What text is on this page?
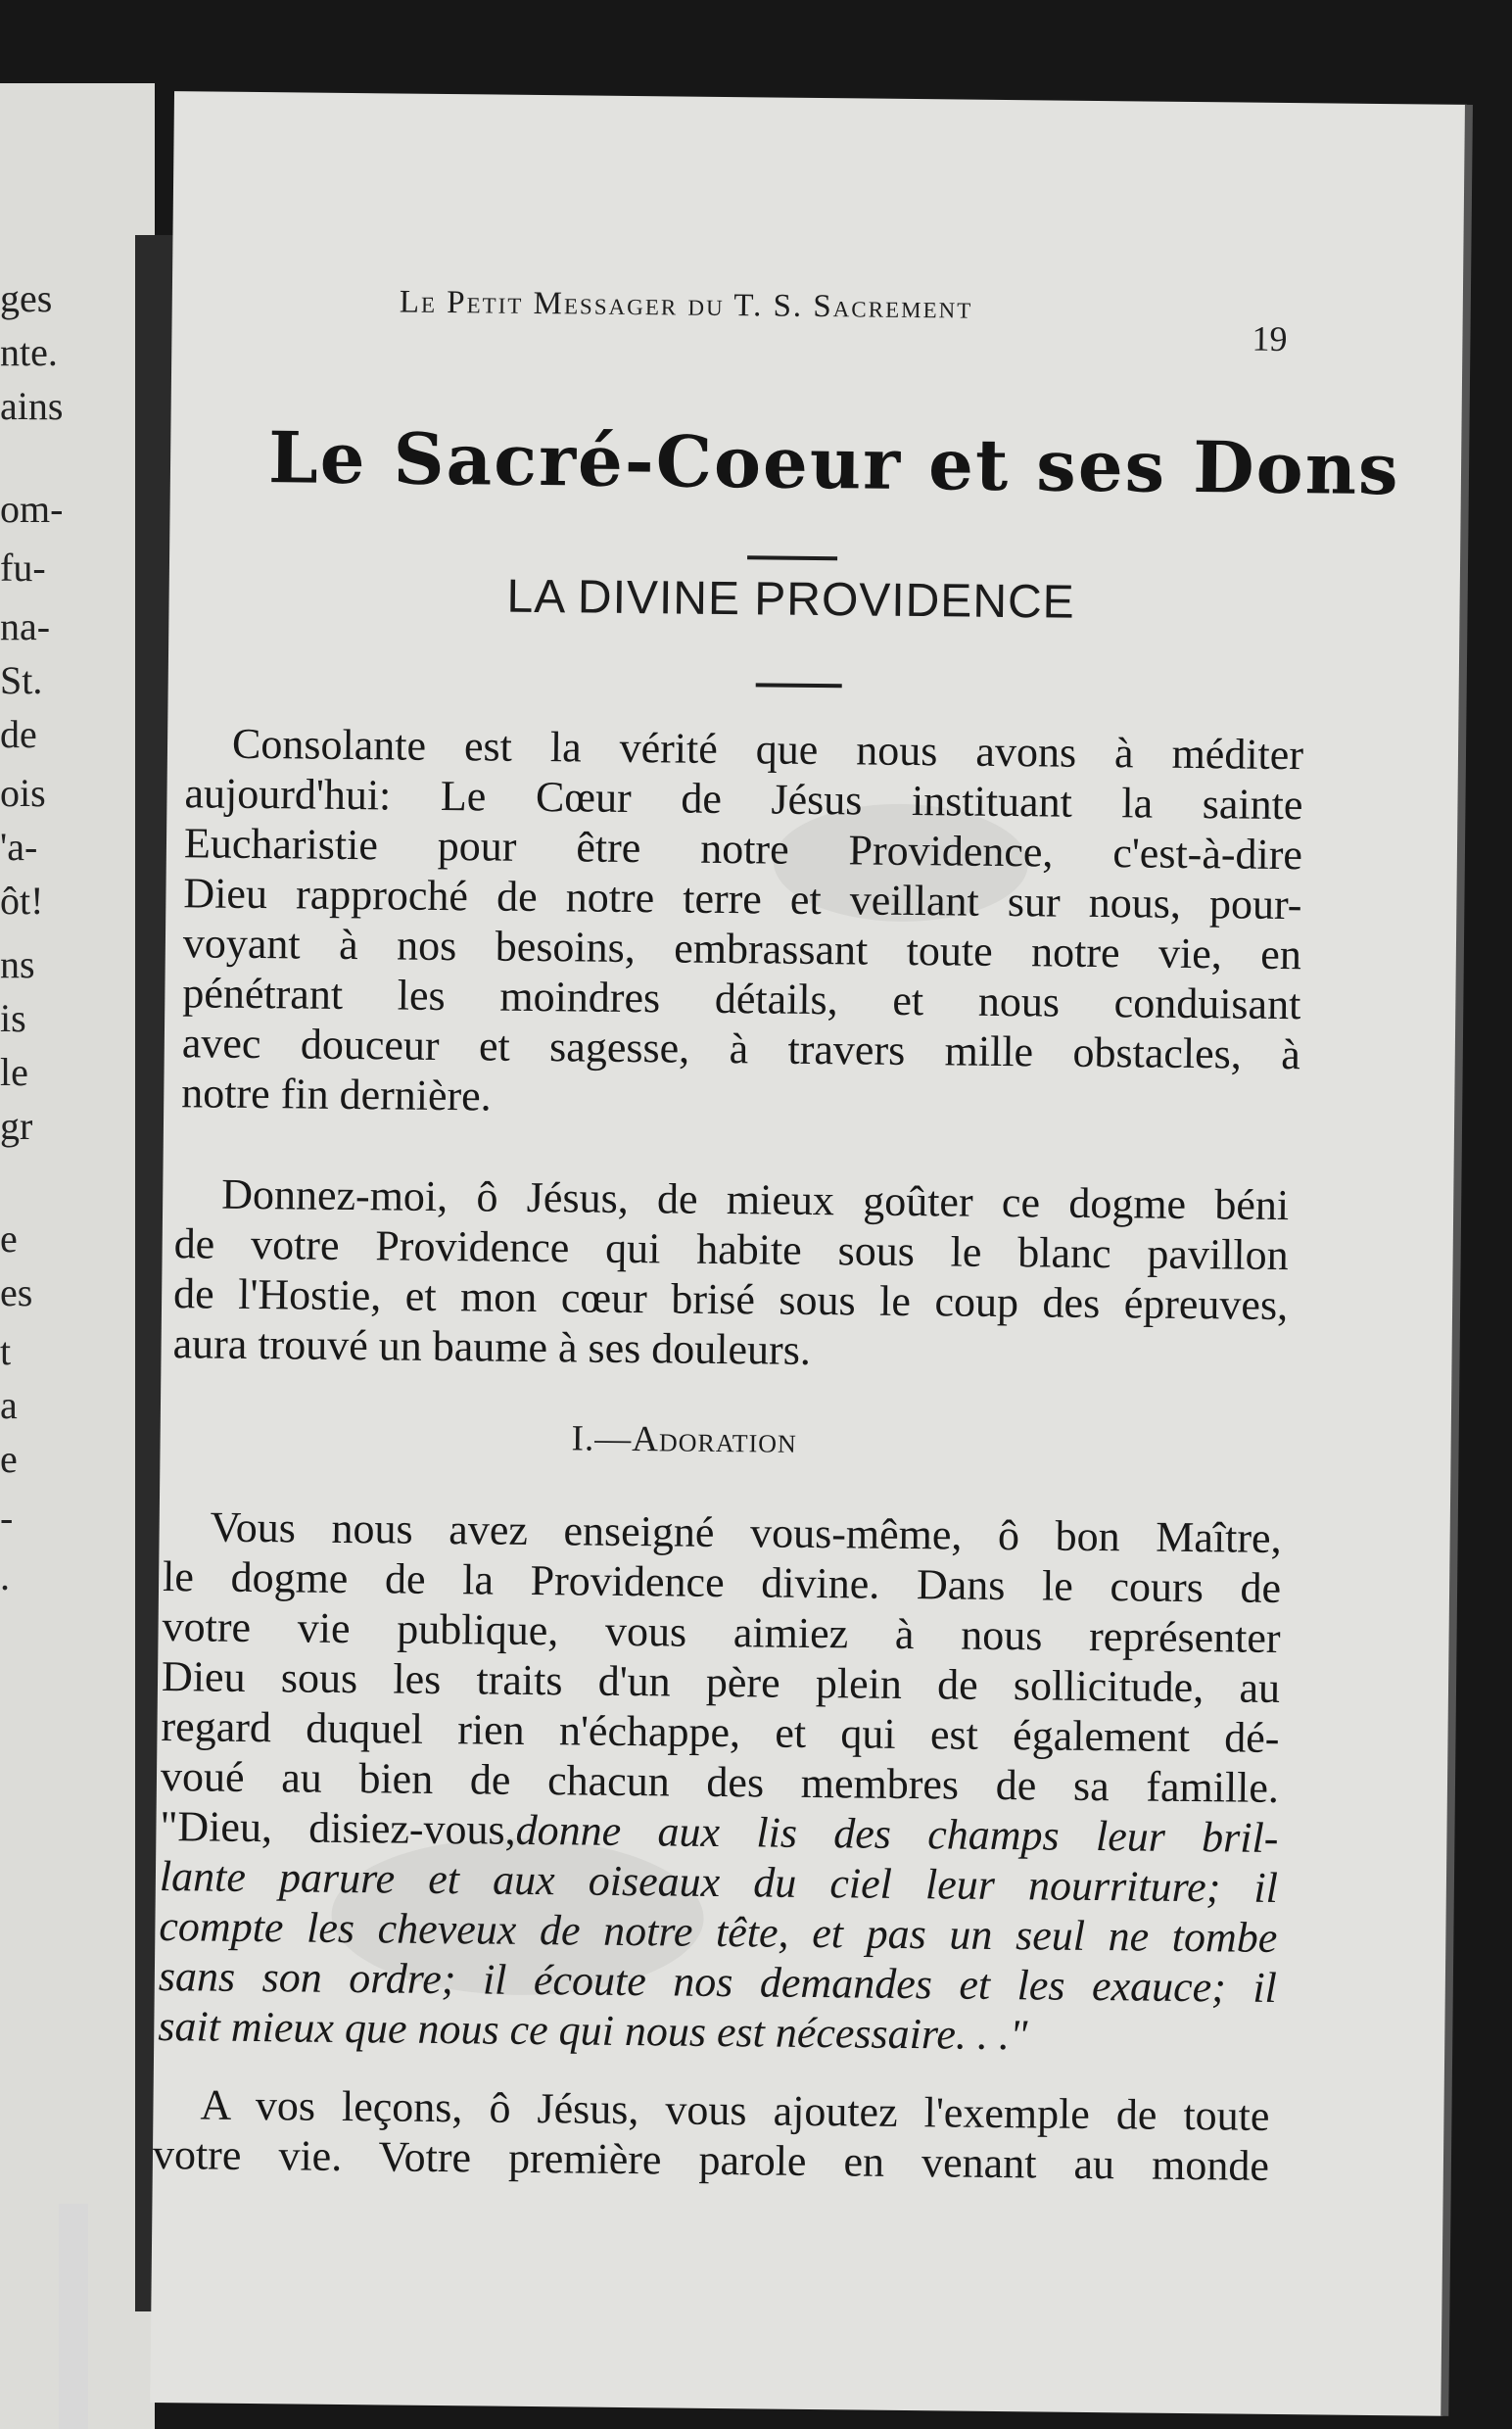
ges
nte.
ains
om-
fu-
na-
St.
de
ois
'a-
ôt!
ns
is
le
gr
e
es
t
a
e
-
.
Le Petit Messager du T. S. Sacrement
19
Le Sacré-Coeur et ses Dons
LA DIVINE PROVIDENCE
Consolante est la vérité que nous avons à méditer
aujourd'hui: Le Cœur de Jésus instituant la sainte
Eucharistie pour être notre Providence, c'est-à-dire
Dieu rapproché de notre terre et veillant sur nous, pour-
voyant à nos besoins, embrassant toute notre vie, en
pénétrant les moindres détails, et nous conduisant
avec douceur et sagesse, à travers mille obstacles, à
notre fin dernière.
Donnez-moi, ô Jésus, de mieux goûter ce dogme béni
de votre Providence qui habite sous le blanc pavillon
de l'Hostie, et mon cœur brisé sous le coup des épreuves,
aura trouvé un baume à ses douleurs.
I.—Adoration
Vous nous avez enseigné vous-même, ô bon Maître,
le dogme de la Providence divine. Dans le cours de
votre vie publique, vous aimiez à nous représenter
Dieu sous les traits d'un père plein de sollicitude, au
regard duquel rien n'échappe, et qui est également dé-
voué au bien de chacun des membres de sa famille.
"Dieu, disiez-vous,donne aux lis des champs leur bril-
lante parure et aux oiseaux du ciel leur nourriture; il
compte les cheveux de notre tête, et pas un seul ne tombe
sans son ordre; il écoute nos demandes et les exauce; il
sait mieux que nous ce qui nous est nécessaire. . ."
A vos leçons, ô Jésus, vous ajoutez l'exemple de toute
votre vie. Votre première parole en venant au monde
